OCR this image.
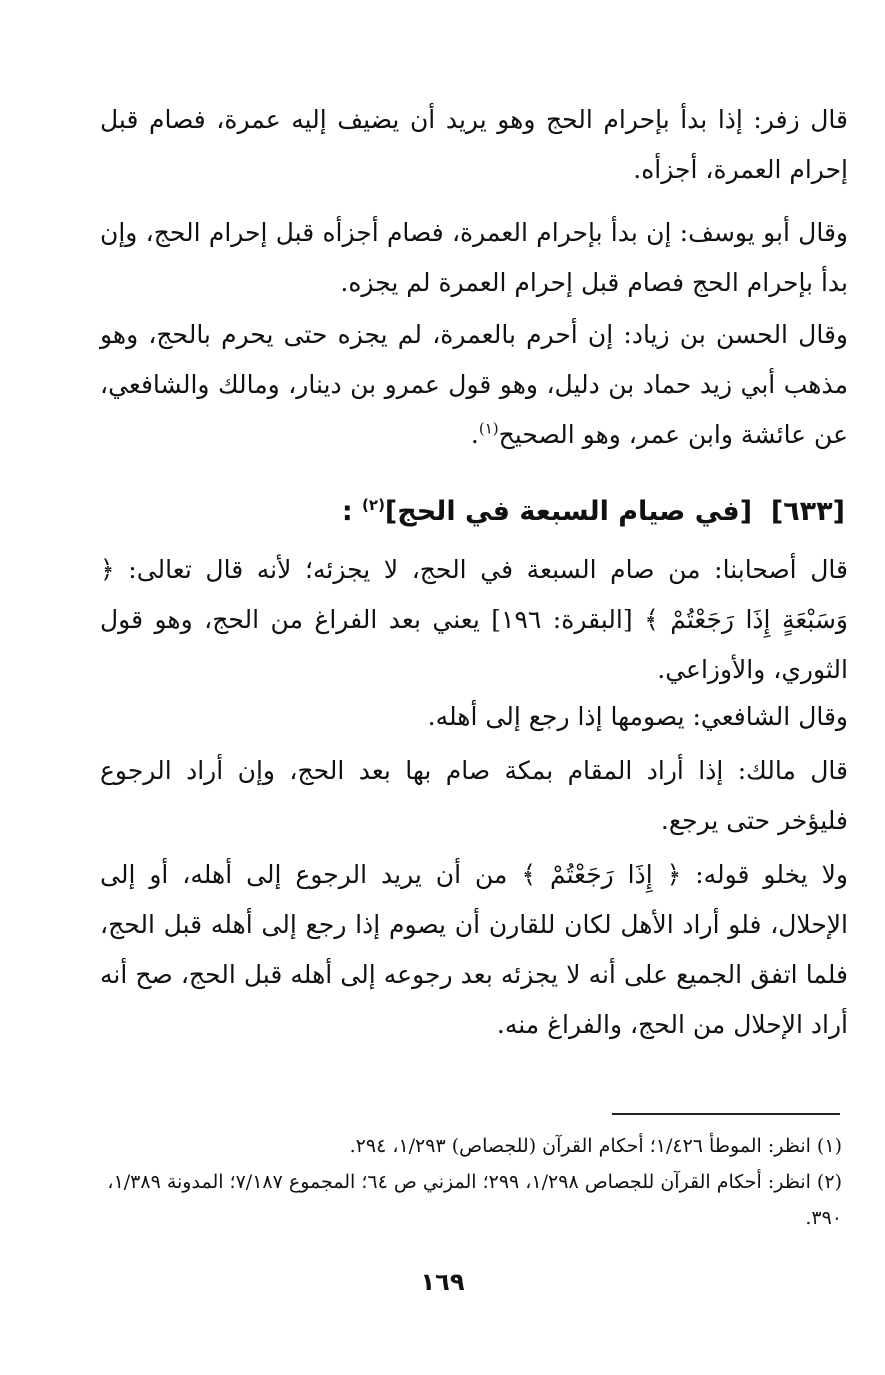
قال زفر: إذا بدأ بإحرام الحج وهو يريد أن يضيف إليه عمرة، فصام قبل إحرام العمرة، أجزأه.

وقال أبو يوسف: إن بدأ بإحرام العمرة، فصام أجزأه قبل إحرام الحج، وإن بدأ بإحرام الحج فصام قبل إحرام العمرة لم يجزه.

وقال الحسن بن زياد: إن أحرم بالعمرة، لم يجزه حتى يحرم بالحج، وهو مذهب أبي زيد حماد بن دليل، وهو قول عمرو بن دينار، ومالك والشافعي، عن عائشة وابن عمر، وهو الصحيح$^{(١)}$.

[٦٣٣]  [في صيام السبعة في الحج]$^{(٢)}$ :

قال أصحابنا: من صام السبعة في الحج، لا يجزئه؛ لأنه قال تعالى: ﴿ وَسَبْعَةٍ إِذَا رَجَعْتُمْ ﴾ [البقرة: ١٩٦] يعني بعد الفراغ من الحج، وهو قول الثوري، والأوزاعي.

وقال الشافعي: يصومها إذا رجع إلى أهله.

قال مالك: إذا أراد المقام بمكة صام بها بعد الحج، وإن أراد الرجوع فليؤخر حتى يرجع.

ولا يخلو قوله: ﴿ إِذَا رَجَعْتُمْ ﴾ من أن يريد الرجوع إلى أهله، أو إلى الإحلال، فلو أراد الأهل لكان للقارن أن يصوم إذا رجع إلى أهله قبل الحج، فلما اتفق الجميع على أنه لا يجزئه بعد رجوعه إلى أهله قبل الحج، صح أنه أراد الإحلال من الحج، والفراغ منه.

(١) انظر: الموطأ ١/٤٢٦؛ أحكام القرآن (للجصاص) ١/٢٩٣، ٢٩٤.

(٢) انظر: أحكام القرآن للجصاص ١/٢٩٨، ٢٩٩؛ المزني ص ٦٤؛ المجموع ٧/١٨٧؛ المدونة ١/٣٨٩، ٣٩٠.

١٦٩
